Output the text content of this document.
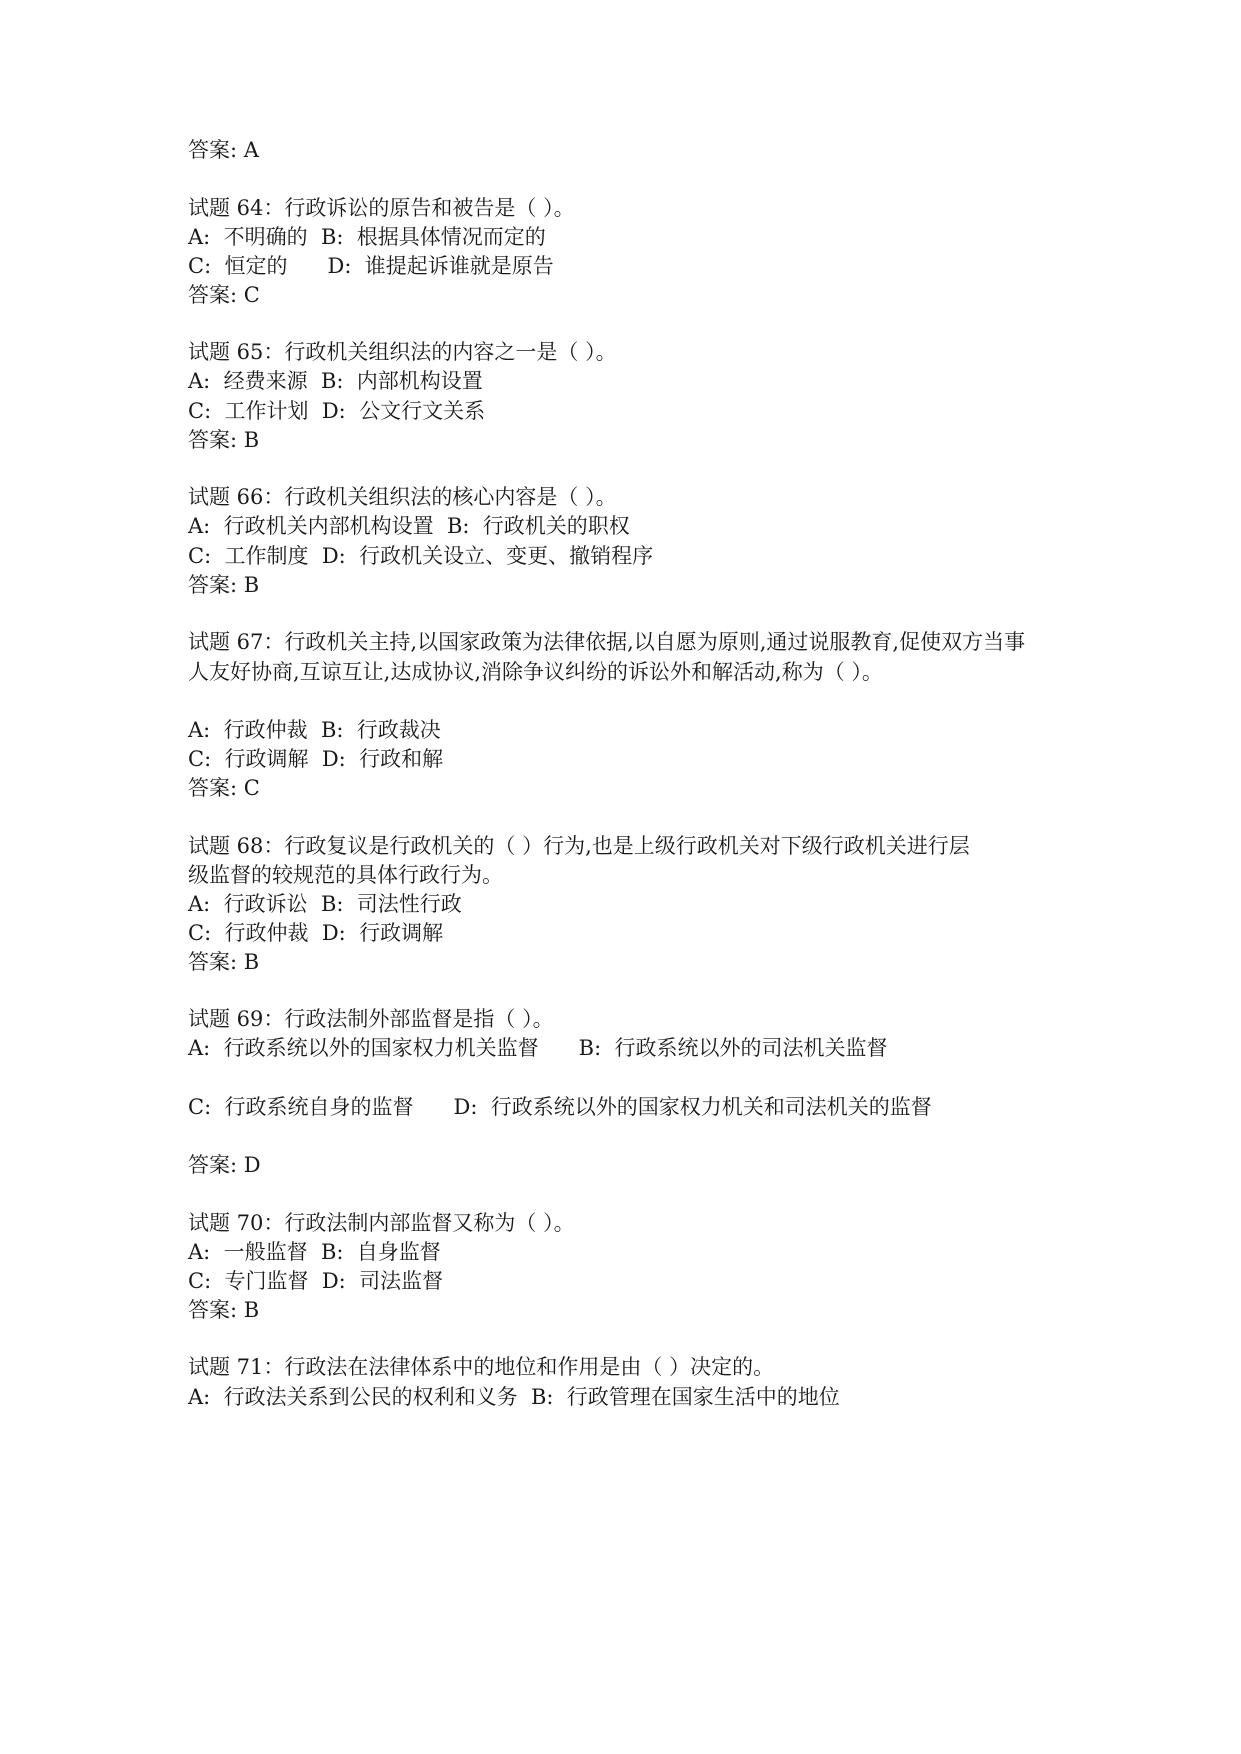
答案: A
试题 64：行政诉讼的原告和被告是（ ）。
A:  不明确的  B:  根据具体情况而定的
C:  恒定的      D:  谁提起诉谁就是原告
答案: C
试题 65：行政机关组织法的内容之一是（ ）。
A:  经费来源  B:  内部机构设置
C:  工作计划  D:  公文行文关系
答案: B
试题 66：行政机关组织法的核心内容是（ ）。
A:  行政机关内部机构设置  B:  行政机关的职权
C:  工作制度  D:  行政机关设立、变更、撤销程序
答案: B
试题 67：行政机关主持,以国家政策为法律依据,以自愿为原则,通过说服教育,促使双方当事
人友好协商,互谅互让,达成协议,消除争议纠纷的诉讼外和解活动,称为（ ）。
A:  行政仲裁  B:  行政裁决
C:  行政调解  D:  行政和解
答案: C
试题 68：行政复议是行政机关的（ ）行为,也是上级行政机关对下级行政机关进行层
级监督的较规范的具体行政行为。
A:  行政诉讼  B:  司法性行政
C:  行政仲裁  D:  行政调解
答案: B
试题 69：行政法制外部监督是指（ ）。
A:  行政系统以外的国家权力机关监督      B:  行政系统以外的司法机关监督
C:  行政系统自身的监督      D:  行政系统以外的国家权力机关和司法机关的监督
答案: D
试题 70：行政法制内部监督又称为（ ）。
A:  一般监督  B:  自身监督
C:  专门监督  D:  司法监督
答案: B
试题 71：行政法在法律体系中的地位和作用是由（ ）决定的。
A:  行政法关系到公民的权利和义务  B:  行政管理在国家生活中的地位
